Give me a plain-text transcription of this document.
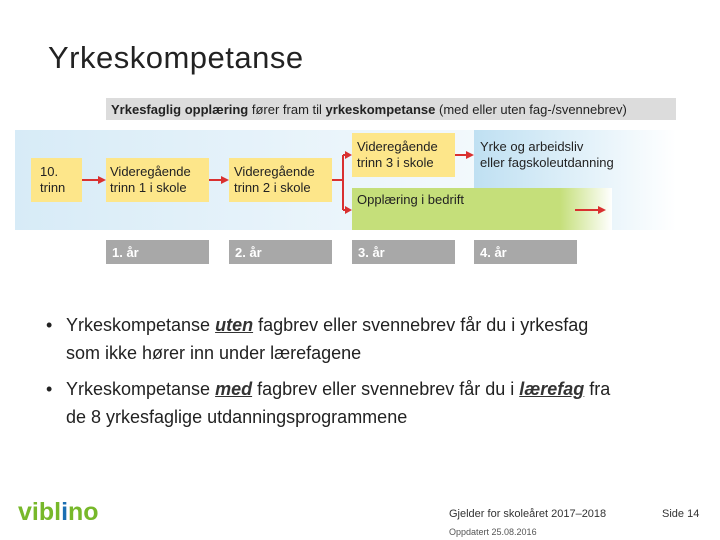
Yrkeskompetanse
Yrkesfaglig opplæring fører fram til yrkeskompetanse (med eller uten fag-/svennebrev)
10. trinn
Videregående trinn 1 i skole
Videregående trinn 2 i skole
Videregående trinn 3 i skole
Yrke og arbeidsliv eller fagskoleutdanning
Opplæring i bedrift
1. år	2. år	3. år	4. år
• Yrkeskompetanse uten fagbrev eller svennebrev får du i yrkesfag
som ikke hører inn under lærefagene
• Yrkeskompetanse med fagbrev eller svennebrev får du i lærefag fra
de 8 yrkesfaglige utdanningsprogrammene
viblino	Gjelder for skoleåret 2017–2018
Oppdatert 25.08.2016
Side 14
